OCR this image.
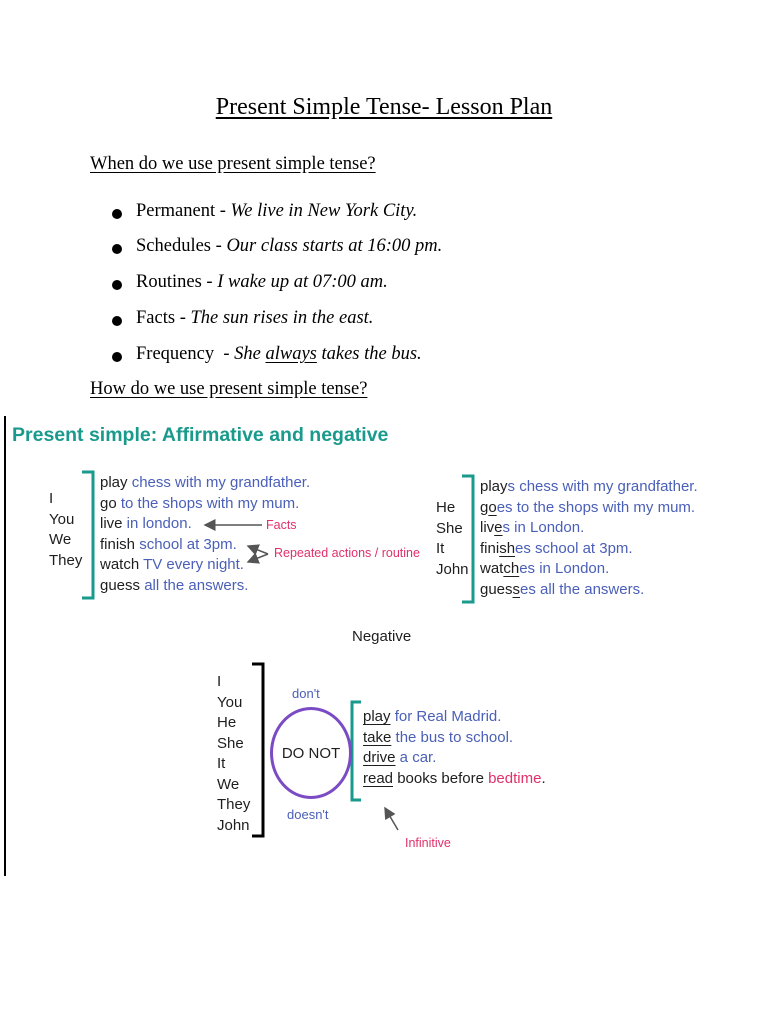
Present Simple Tense- Lesson Plan
When do we use present simple tense?
Permanent - We live in New York City.
Schedules - Our class starts at 16:00 pm.
Routines - I wake up at 07:00 am.
Facts - The sun rises in the east.
Frequency  - She always takes the bus.
How do we use present simple tense?
Present simple: Affirmative and negative
I
You
We
They
play chess with my grandfather.
go to the shops with my mum.
live in london.
finish school at 3pm.
watch TV every night.
guess all the answers.
Facts
Repeated actions / routine
He
She
It
John
plays chess with my grandfather.
goes to the shops with my mum.
lives in London.
finishes school at 3pm.
watches in London.
guesses all the answers.
Negative
I
You
He
She
It
We
They
John
don't
DO NOT
doesn't
play for Real Madrid.
take the bus to school.
drive a car.
read books before bedtime.
Infinitive
